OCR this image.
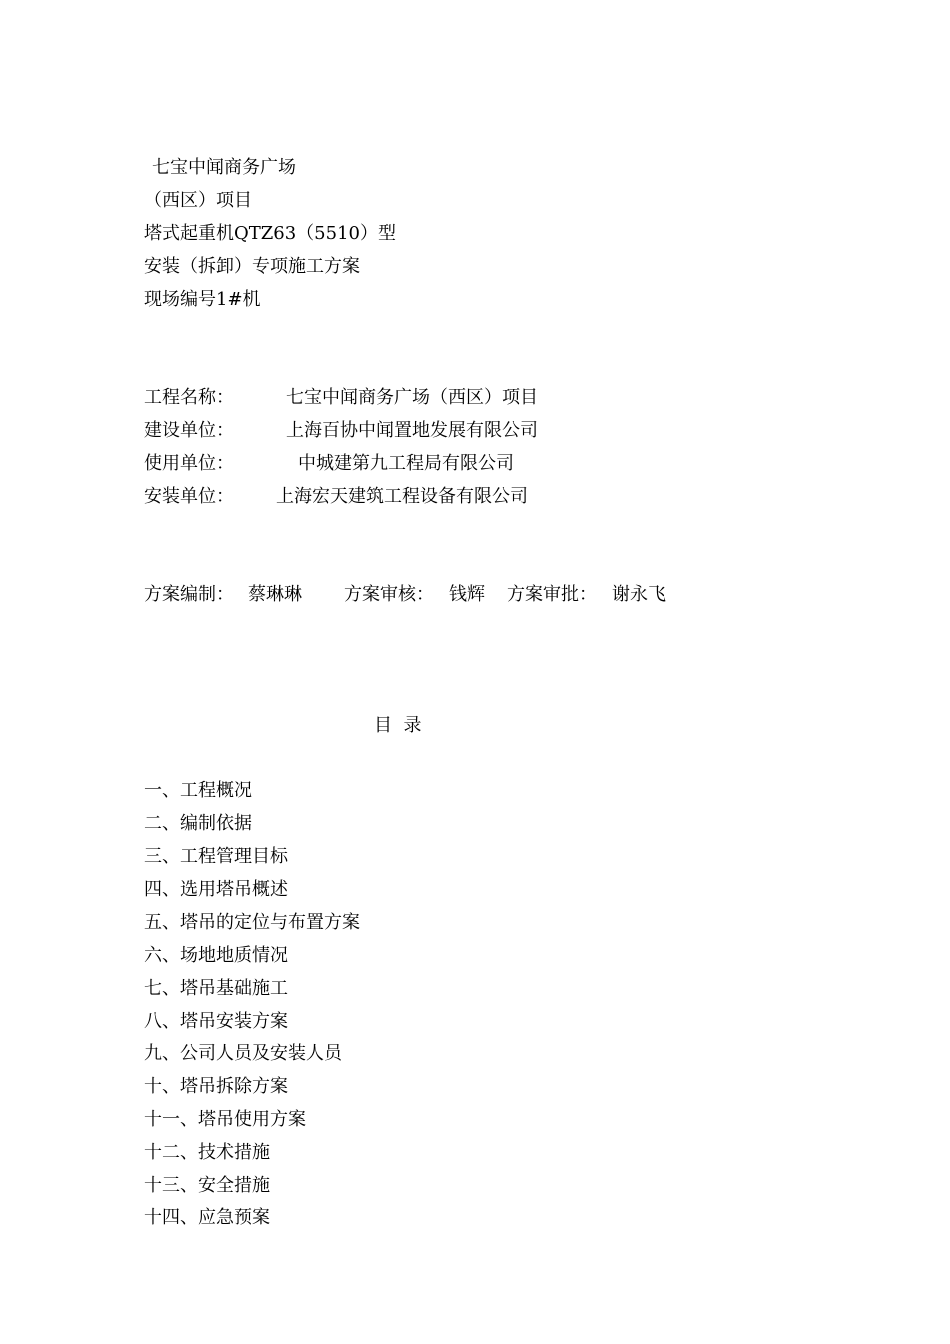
七宝中闻商务广场
（西区）项目
塔式起重机QTZ63（5510）型
安装（拆卸）专项施工方案
现场编号1#机
工程名称：	七宝中闻商务广场（西区）项目
建设单位：	上海百协中闻置地发展有限公司
使用单位：	中城建第九工程局有限公司
安装单位： 上海宏天建筑工程设备有限公司
方案编制： 蔡琳琳 方案审核： 钱辉 方案审批： 谢永飞
目  录
一、工程概况
二、编制依据
三、工程管理目标
四、选用塔吊概述
五、塔吊的定位与布置方案
六、场地地质情况
七、塔吊基础施工
八、塔吊安装方案
九、公司人员及安装人员
十、塔吊拆除方案
十一、塔吊使用方案
十二、技术措施
十三、安全措施
十四、应急预案
